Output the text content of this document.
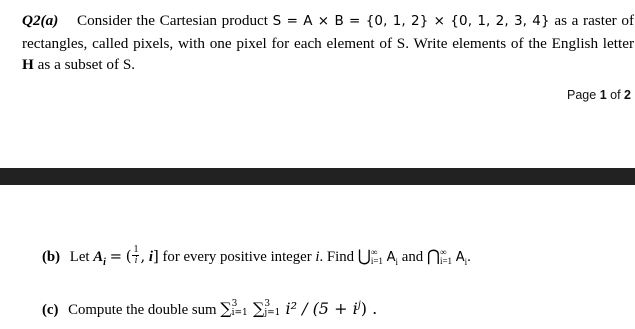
Q2(a) Consider the Cartesian product S = A × B = {0, 1, 2} × {0, 1, 2, 3, 4} as a raster of rectangles, called pixels, with one pixel for each element of S. Write elements of the English letter H as a subset of S.
Page 1 of 2
(b) Let $A_i$ = ( $\frac{1}{i}$ , i] for every positive integer i. Find ⋃ ∞
i=1 $A_i$ and ⋂ ∞
i=1 $A_i$.
(c) Compute the double sum ∑ 3
i=1 ∑ 3
j=1 $i^2 / (5 + i^j)$ .
